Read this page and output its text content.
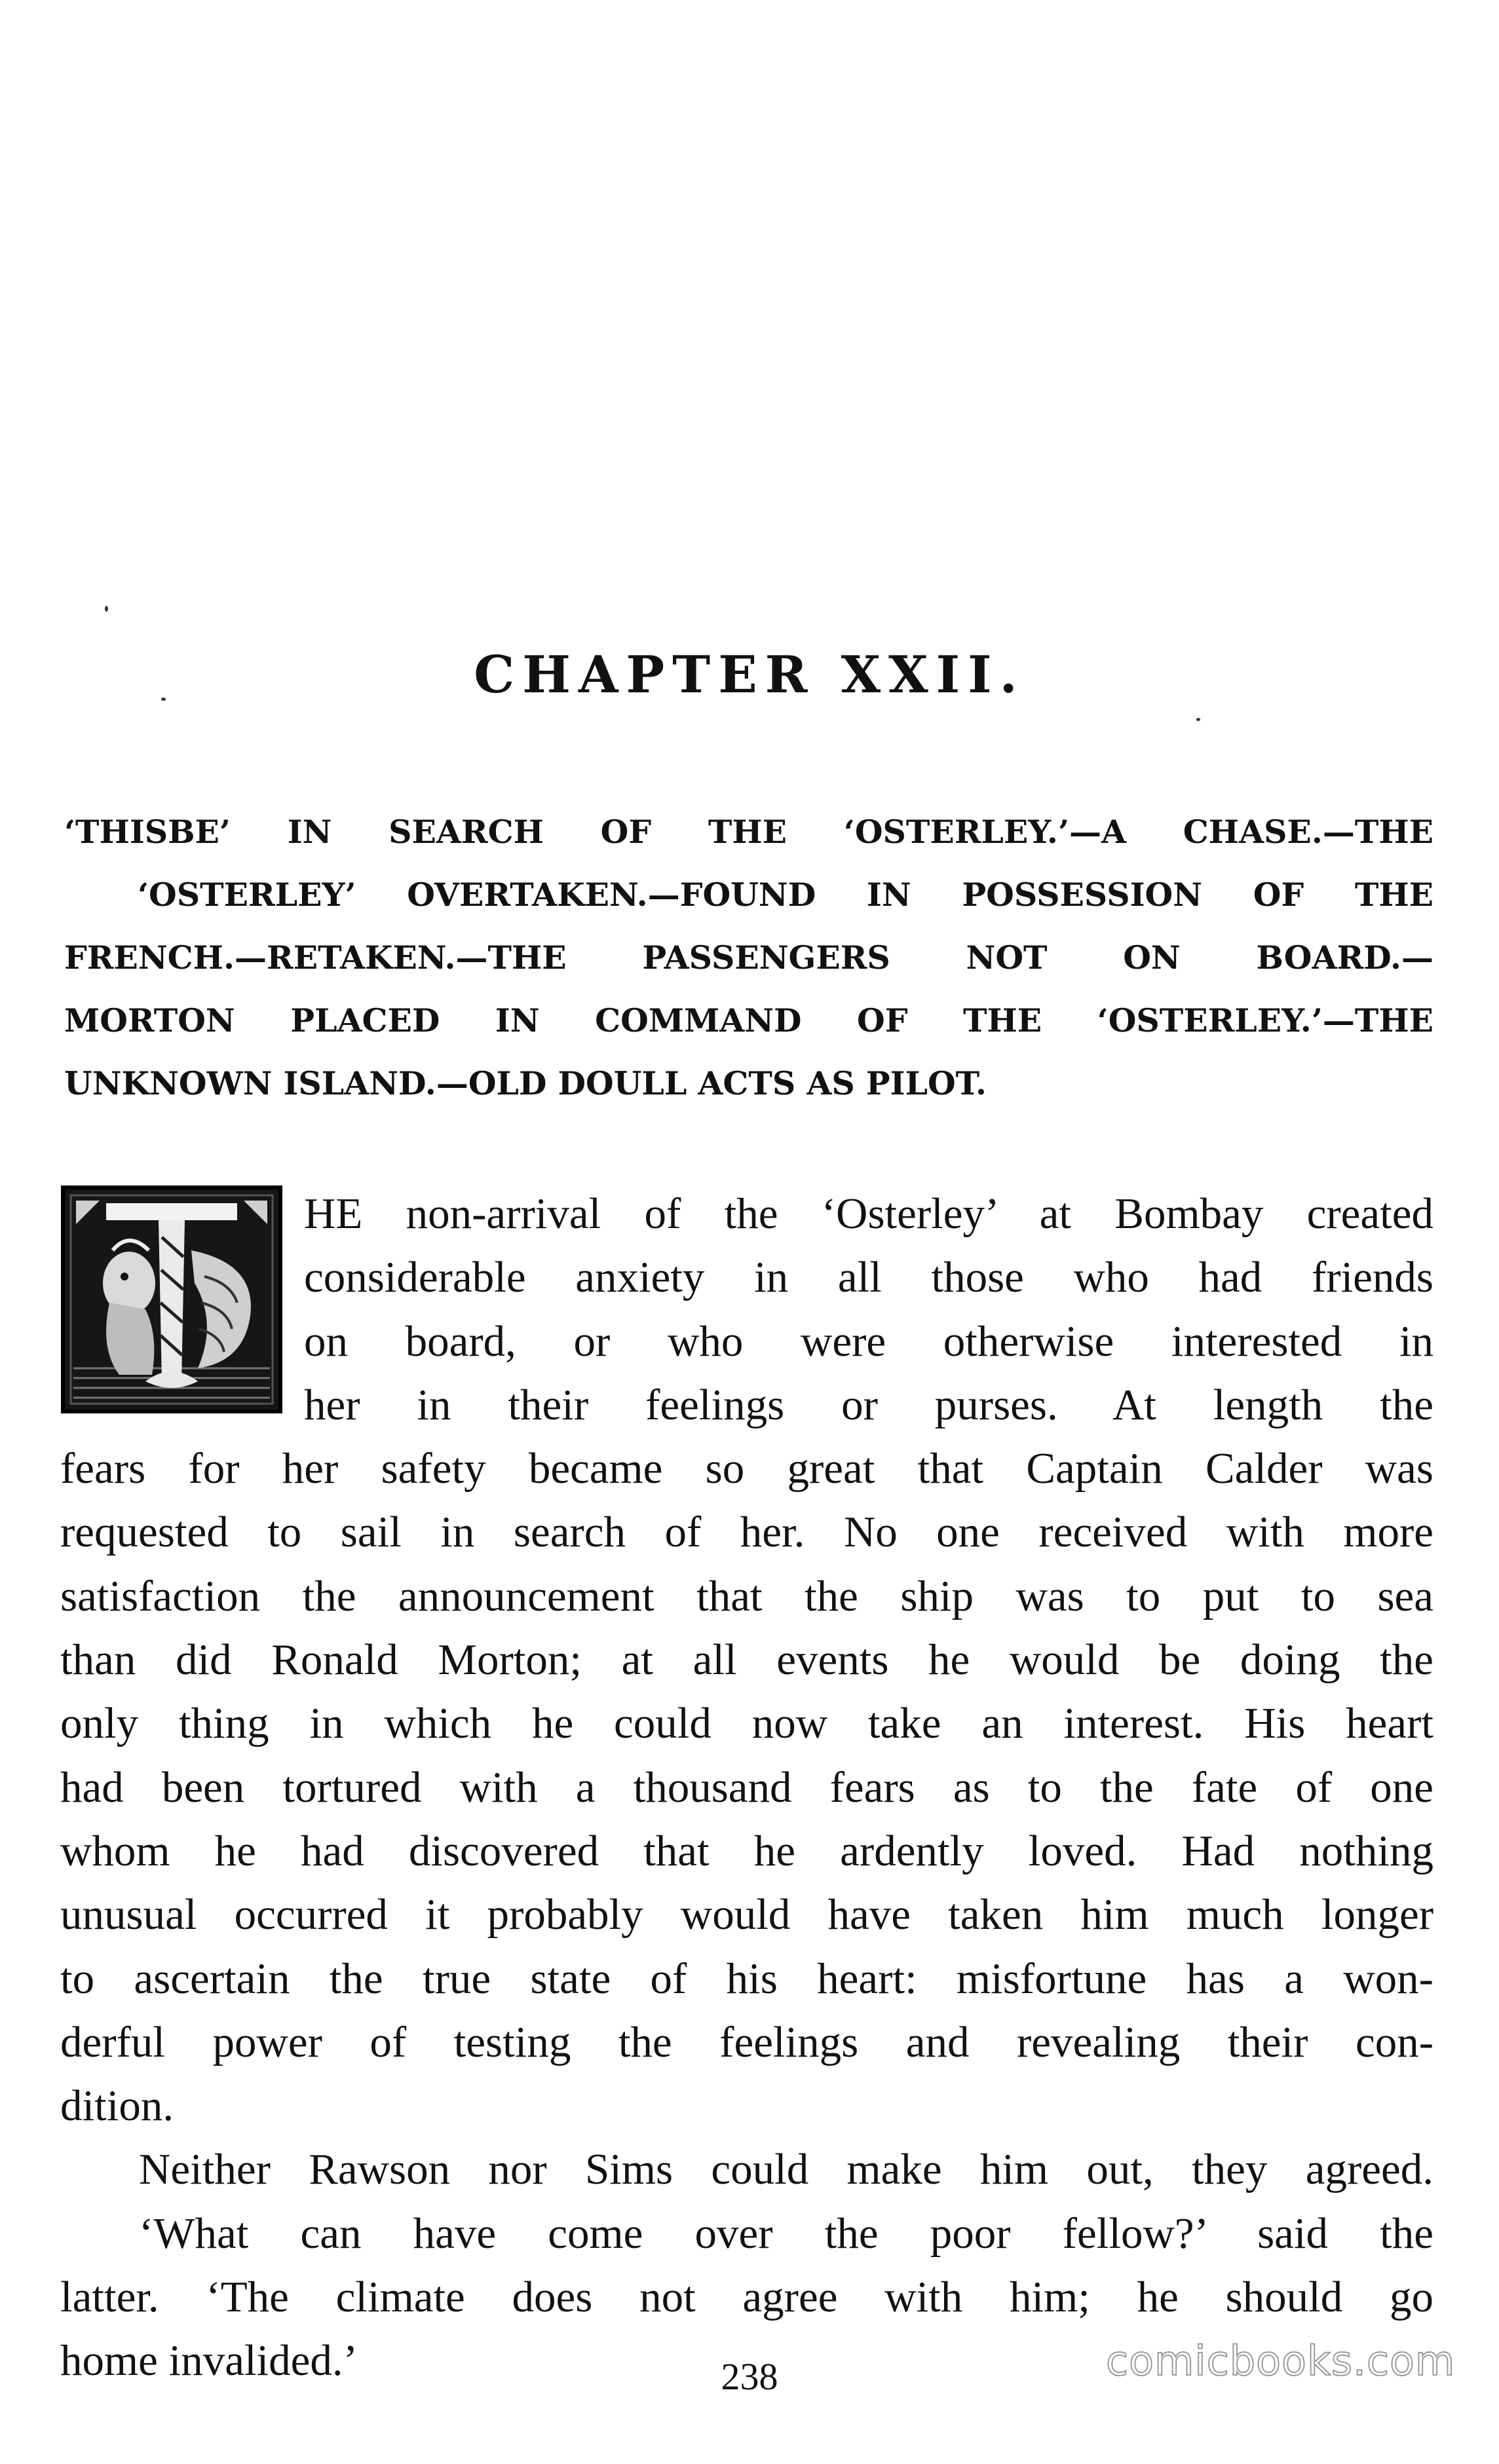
CHAPTER XXII.
‘THISBE’ IN SEARCH OF THE ‘OSTERLEY.’—A CHASE.—THE
‘OSTERLEY’ OVERTAKEN.—FOUND IN POSSESSION OF THE
FRENCH.—RETAKEN.—THE PASSENGERS NOT ON BOARD.—
MORTON PLACED IN COMMAND OF THE ‘OSTERLEY.’—THE
UNKNOWN ISLAND.—OLD DOULL ACTS AS PILOT.
HE non-arrival of the ‘Osterley’ at Bombay created
considerable anxiety in all those who had friends
on board, or who were otherwise interested in
her in their feelings or purses. At length the
fears for her safety became so great that Captain Calder was
requested to sail in search of her. No one received with more
satisfaction the announcement that the ship was to put to sea
than did Ronald Morton; at all events he would be doing the
only thing in which he could now take an interest. His heart
had been tortured with a thousand fears as to the fate of one
whom he had discovered that he ardently loved. Had nothing
unusual occurred it probably would have taken him much longer
to ascertain the true state of his heart: misfortune has a won-
derful power of testing the feelings and revealing their con-
dition.
Neither Rawson nor Sims could make him out, they agreed.
‘What can have come over the poor fellow?’ said the
latter. ‘The climate does not agree with him; he should go
home invalided.’	238	comicbooks.com
